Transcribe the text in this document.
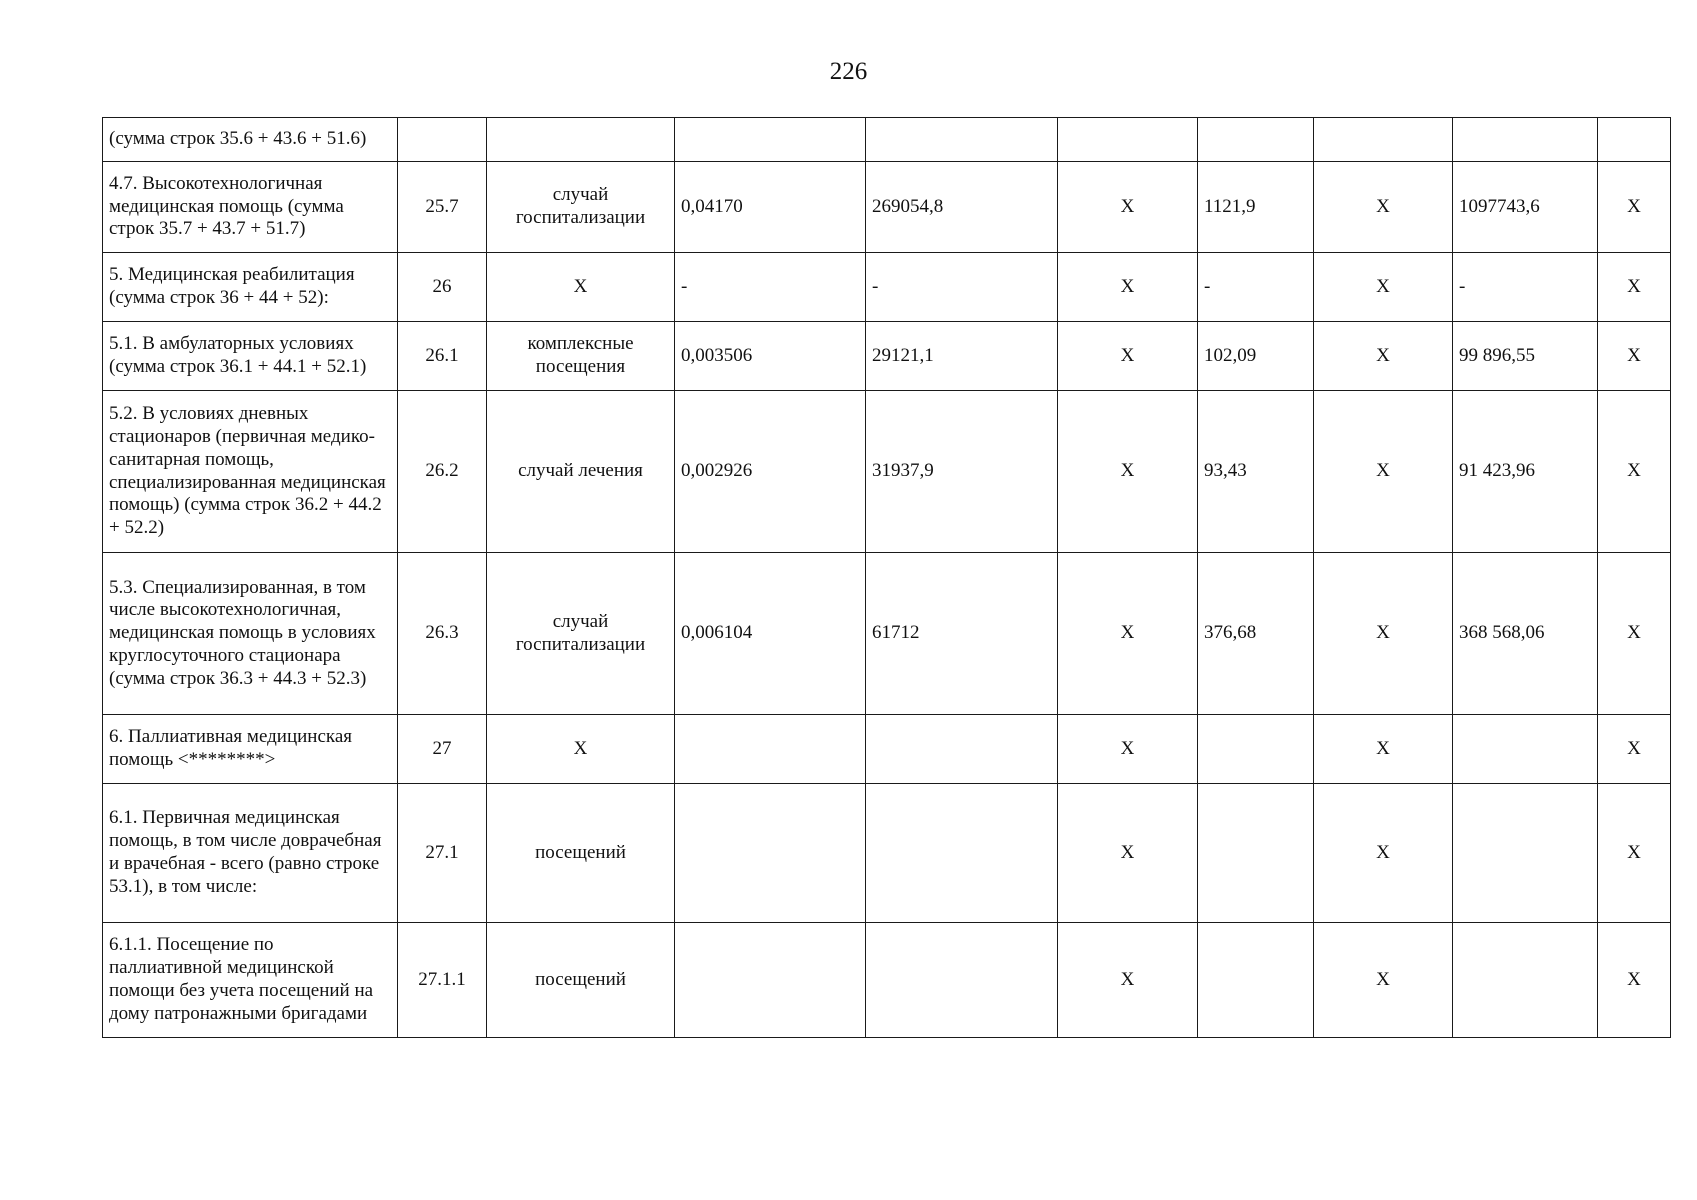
226
(сумма строк 35.6 + 43.6 + 51.6)									
4.7. Высокотехнологичная медицинская помощь (сумма строк 35.7 + 43.7 + 51.7)	25.7	случай госпитализации	0,04170	269054,8	X	1121,9	X	1097743,6	X
5. Медицинская реабилитация (сумма строк 36 + 44 + 52):	26	X	-	-	X	-	X	-	X
5.1. В амбулаторных условиях (сумма строк 36.1 + 44.1 + 52.1)	26.1	комплексные посещения	0,003506	29121,1	X	102,09	X	99 896,55	X
5.2. В условиях дневных стационаров (первичная медико-санитарная помощь, специализированная медицинская помощь) (сумма строк 36.2 + 44.2 + 52.2)	26.2	случай лечения	0,002926	31937,9	X	93,43	X	91 423,96	X
5.3. Специализированная, в том числе высокотехнологичная, медицинская помощь в условиях круглосуточного стационара (сумма строк 36.3 + 44.3 + 52.3)	26.3	случай госпитализации	0,006104	61712	X	376,68	X	368 568,06	X
6. Паллиативная медицинская помощь <********>	27	X			X		X		X
6.1. Первичная медицинская помощь, в том числе доврачебная и врачебная - всего (равно строке 53.1), в том числе:	27.1	посещений			X		X		X
6.1.1. Посещение по паллиативной медицинской помощи без учета посещений на дому патронажными бригадами	27.1.1	посещений			X		X		X
